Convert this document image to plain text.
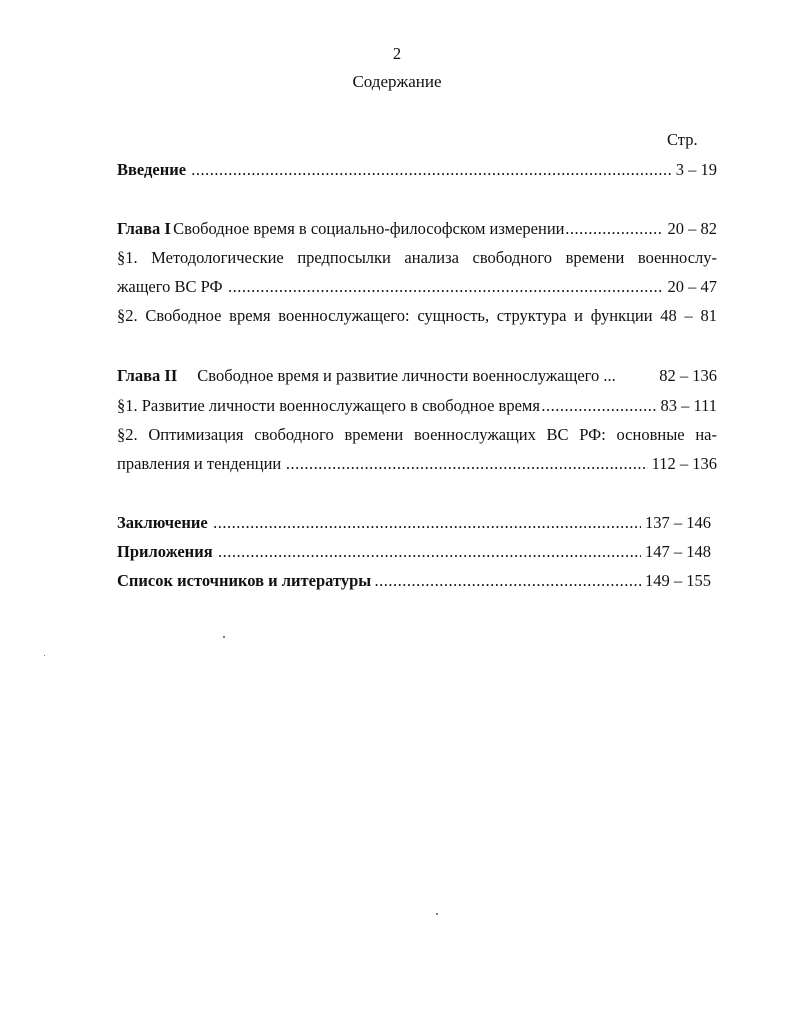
2
Содержание
Стр.
Введение .....	3 – 19
Глава I Свободное время в социально-философском измерении .....	20 – 82
§1. Методологические предпосылки анализа свободного времени военнослу-
жащего ВС РФ .....	20 – 47
§2. Свободное время военнослужащего: сущность, структура и функции 48 – 81
Глава II Свободное время и развитие личности военнослужащего ...	82 – 136
§1. Развитие личности военнослужащего в свободное время .....	83 – 111
§2. Оптимизация свободного времени военнослужащих ВС РФ: основные на-
правления и тенденции .....	112 – 136
Заключение .....	137 – 146
Приложения .....	147 – 148
Список источников и литературы .....	149 – 155
